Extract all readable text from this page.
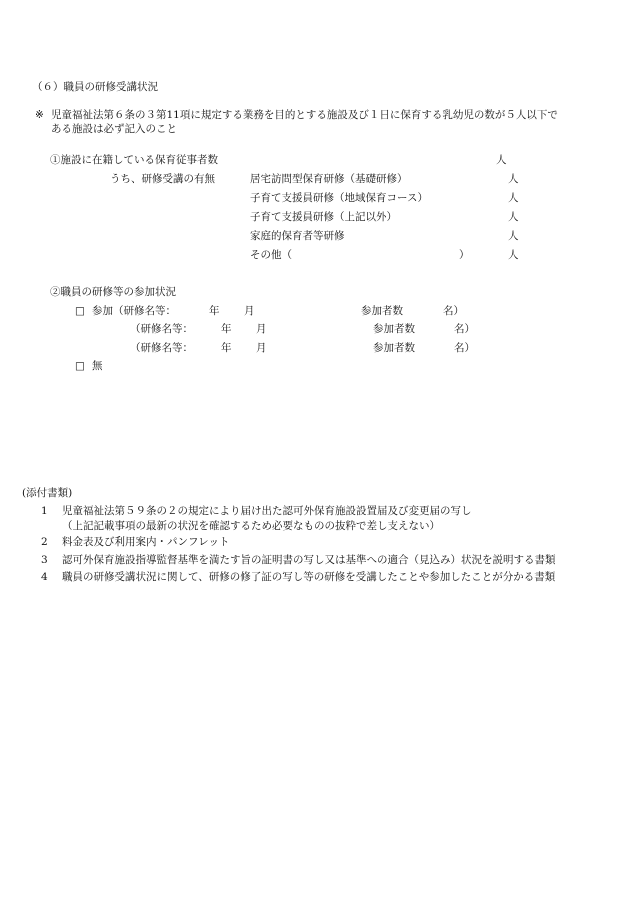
（６）職員の研修受講状況
※ 児童福祉法第６条の３第11項に規定する業務を目的とする施設及び１日に保育する乳幼児の数が５人以下で
ある施設は必ず記入のこと
①施設に在籍している保育従事者数	人
うち、研修受講の有無	居宅訪問型保育研修（基礎研修）	人
子育て支援員研修（地域保育コース）	人
子育て支援員研修（上記以外）	人
家庭的保育者等研修	人
その他（	）	人
②職員の研修等の参加状況
□ 参加（研修名等：	年 月	参加者数	名）
（研修名等：	年 月	参加者数	名）
（研修名等：	年 月	参加者数	名）
□ 無
(添付書類)
1 児童福祉法第５９条の２の規定により届け出た認可外保育施設設置届及び変更届の写し
（上記記載事項の最新の状況を確認するため必要なものの抜粋で差し支えない）
2 料金表及び利用案内・パンフレット
3 認可外保育施設指導監督基準を満たす旨の証明書の写し又は基準への適合（見込み）状況を説明する書類
4 職員の研修受講状況に関して、研修の修了証の写し等の研修を受講したことや参加したことが分かる書類
